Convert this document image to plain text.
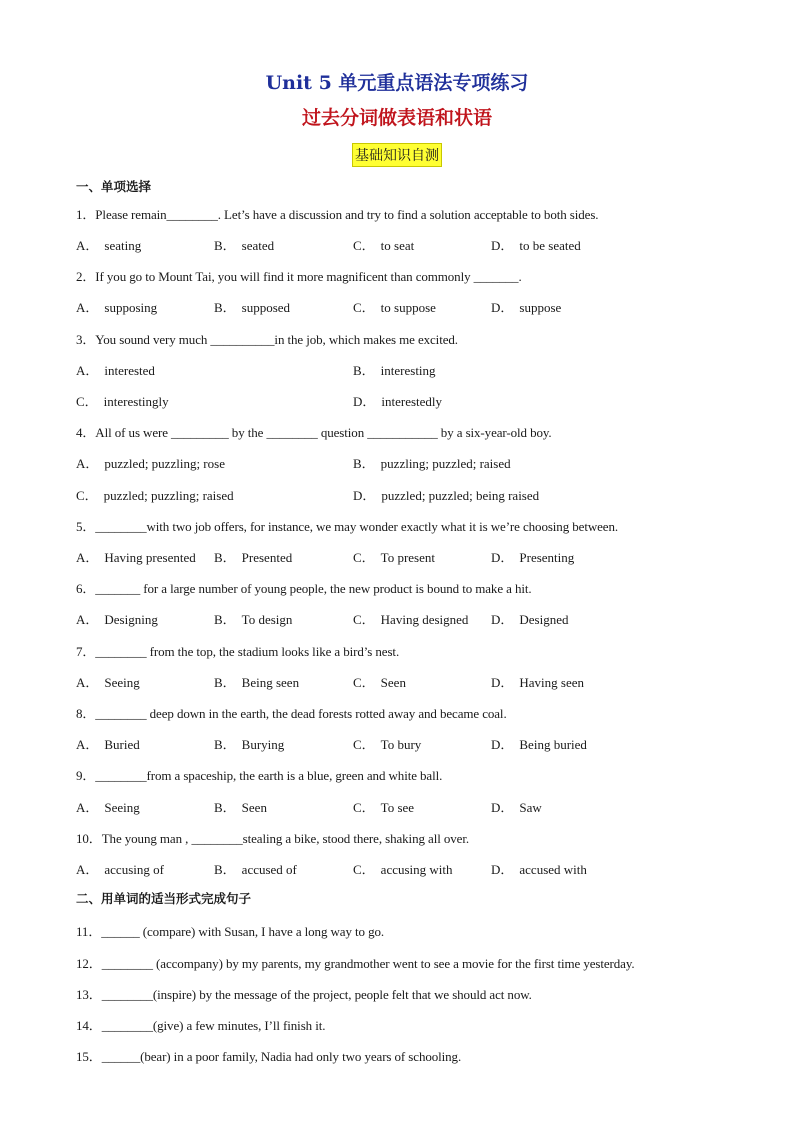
Unit 5 单元重点语法专项练习
过去分词做表语和状语
基础知识自测
一、单项选择
1．Please remain________. Let’s have a discussion and try to find a solution acceptable to both sides.
A． seating	B． seated	C． to seat	D． to be seated
2．If you go to Mount Tai, you will find it more magnificent than commonly _______.
A． supposing	B． supposed	C． to suppose	D． suppose
3．You sound very much __________in the job, which makes me excited.
A． interested	B． interesting
C． interestingly	D． interestedly
4．All of us were _________ by the ________ question ___________ by a six-year-old boy.
A． puzzled; puzzling; rose	B． puzzling; puzzled; raised
C． puzzled; puzzling; raised	D． puzzled; puzzled; being raised
5．________with two job offers, for instance, we may wonder exactly what it is we’re choosing between.
A． Having presented B． Presented	C． To present	D． Presenting
6．_______ for a large number of young people, the new product is bound to make a hit.
A． Designing	B． To design	C． Having designed D． Designed
7．________ from the top, the stadium looks like a bird’s nest.
A． Seeing	B． Being seen	C． Seen	D． Having seen
8．________ deep down in the earth, the dead forests rotted away and became coal.
A． Buried	B． Burying	C． To bury	D． Being buried
9．________from a spaceship, the earth is a blue, green and white ball.
A． Seeing	B． Seen	C． To see	D． Saw
10．The young man , ________stealing a bike, stood there, shaking all over.
A． accusing of	B． accused of	C． accusing with	D． accused with
二、用单词的适当形式完成句子
11．______ (compare) with Susan, I have a long way to go.
12．________ (accompany) by my parents, my grandmother went to see a movie for the first time yesterday.
13．________(inspire) by the message of the project, people felt that we should act now.
14．________(give) a few minutes, I’ll finish it.
15．______(bear) in a poor family, Nadia had only two years of schooling.
